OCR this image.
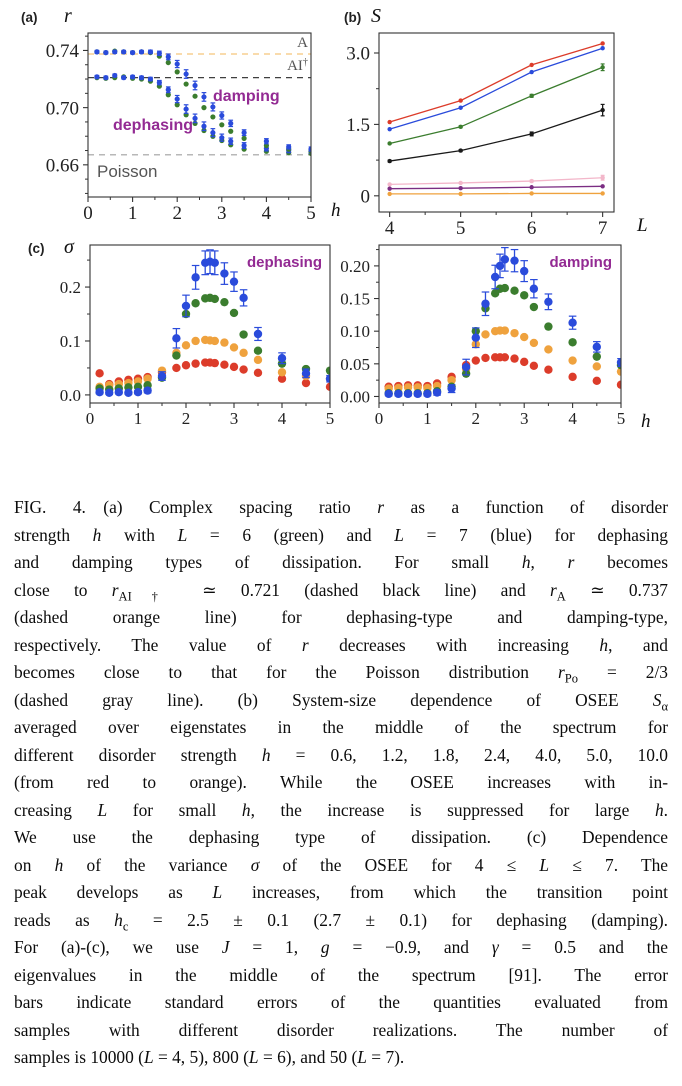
0 1 2 3 4 5
0.66
0.70
0.74
(a) r
h
A
AI†
damping
dephasing
Poisson
4	5	6	7
0
1.5
3.0
(b) S
L
0 1 2 3 4 5
0.0
0.1
0.2
(c) σ
dephasing
0 1 2 3 4 5
0.00
0.05
0.10
0.15
0.20
h
damping
FIG. 4.  (a) Complex spacing ratio r as a function of disorder
strength h with L = 6 (green) and L = 7 (blue) for dephasing
and damping types of dissipation. For small h, r becomes
close to $r_{AI\dagger}$ ≃ 0.721 (dashed black line) and $r_A$ ≃ 0.737
(dashed orange line) for dephasing-type and damping-type,
respectively. The value of r decreases with increasing h, and
becomes close to that for the Poisson distribution $r_{Po} = 2/3$
(dashed gray line). (b) System-size dependence of OSEE $S_\alpha$
averaged over eigenstates in the middle of the spectrum for
different disorder strength h = 0.6, 1.2, 1.8, 2.4, 4.0, 5.0, 10.0
(from red to orange). While the OSEE increases with in-
creasing L for small h, the increase is suppressed for large h.
We use the dephasing type of dissipation. (c) Dependence
on h of the variance σ of the OSEE for 4 ≤ L ≤ 7. The
peak develops as L increases, from which the transition point
reads as $h_c = 2.5 \pm 0.1$ (2.7 ± 0.1) for dephasing (damping).
For (a)-(c), we use J = 1, g = −0.9, and γ = 0.5 and the
eigenvalues in the middle of the spectrum [91]. The error
bars indicate standard errors of the quantities evaluated from
samples with different disorder realizations. The number of
samples is 10000 (L = 4, 5), 800 (L = 6), and 50 (L = 7).
